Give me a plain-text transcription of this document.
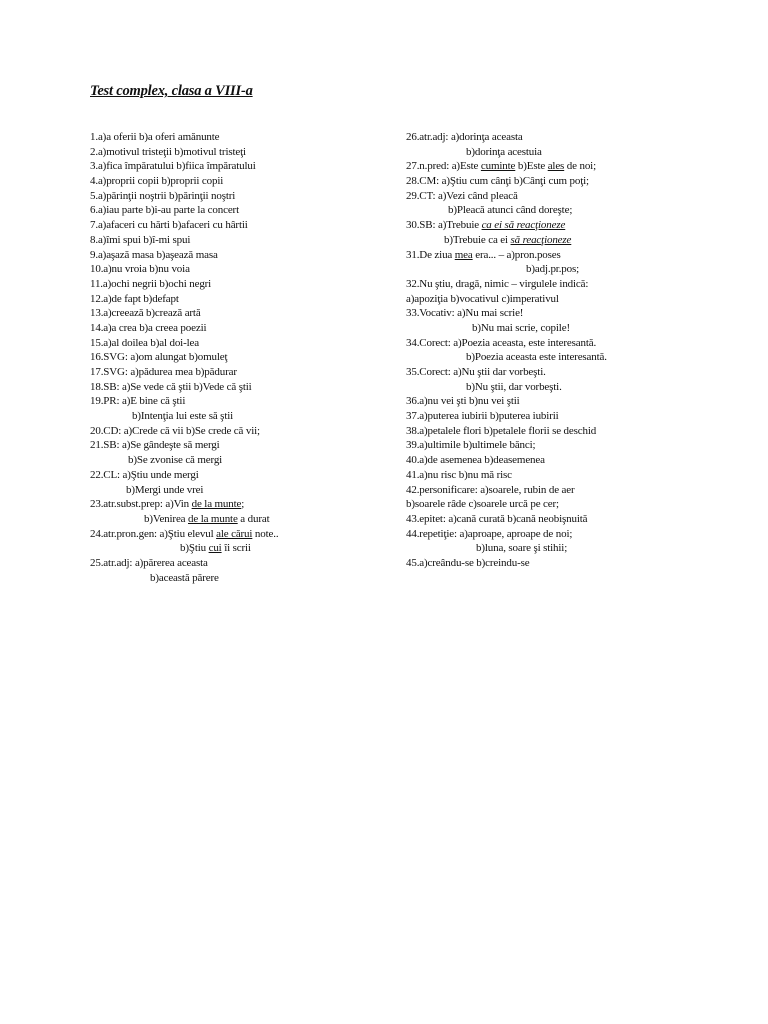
Test complex, clasa a VIII-a
1.a)a oferii b)a oferi amănunte
2.a)motivul tristeţii b)motivul tristeţi
3.a)fica împăratului b)fiica împăratului
4.a)proprii copii b)proprii copii
5.a)părinţii noştrii b)părinţii noştri
6.a)iau parte b)i-au parte la concert
7.a)afaceri cu hărti b)afaceri cu hârtii
8.a)îmi spui b)î-mi spui
9.a)aşază masa b)aşează masa
10.a)nu vroia b)nu voia
11.a)ochi negrii b)ochi negri
12.a)de fapt b)defapt
13.a)creează b)crează artă
14.a)a crea b)a creea poezii
15.a)al doilea b)al doi-lea
16.SVG: a)om alungat b)omuleţ
17.SVG: a)pădurea mea b)pădurar
18.SB: a)Se vede că ştii b)Vede că ştii
19.PR: a)E bine că ştii
b)Intenţia lui este să ştii
20.CD: a)Crede că vii b)Se crede că vii;
21.SB: a)Se gândeşte să mergi
b)Se zvonise că mergi
22.CL: a)Ştiu unde mergi
b)Mergi unde vrei
23.atr.subst.prep: a)Vin de la munte;
b)Venirea de la munte a durat
24.atr.pron.gen: a)Ştiu elevul ale cărui note..
b)Ştiu cui îi scrii
25.atr.adj: a)părerea aceasta
b)această părere
26.atr.adj: a)dorinţa aceasta
b)dorinţa acestuia
27.n.pred: a)Este cuminte b)Este ales de noi;
28.CM: a)Ştiu cum cânţi b)Cânţi cum poţi;
29.CT: a)Vezi când pleacă
b)Pleacă atunci când doreşte;
30.SB: a)Trebuie ca ei să reacţioneze
b)Trebuie ca ei să reacţioneze
31.De ziua mea era... – a)pron.poses
b)adj.pr.pos;
32.Nu ştiu, dragă, nimic – virgulele indică:
a)apoziţia b)vocativul c)imperativul
33.Vocativ: a)Nu mai scrie!
b)Nu mai scrie, copile!
34.Corect: a)Poezia aceasta, este interesantă.
b)Poezia aceasta este interesantă.
35.Corect: a)Nu ştii dar vorbeşti.
b)Nu ştii, dar vorbeşti.
36.a)nu vei şti b)nu vei ştii
37.a)puterea iubirii b)puterea iubirii
38.a)petalele flori b)petalele florii se deschid
39.a)ultimile b)ultimele bănci;
40.a)de asemenea b)deasemenea
41.a)nu risc b)nu mă risc
42.personificare: a)soarele, rubin de aer
b)soarele râde c)soarele urcă pe cer;
43.epitet: a)cană curată b)cană neobişnuită
44.repetiţie: a)aproape, aproape de noi;
b)luna, soare şi stihii;
45.a)creându-se b)creindu-se
